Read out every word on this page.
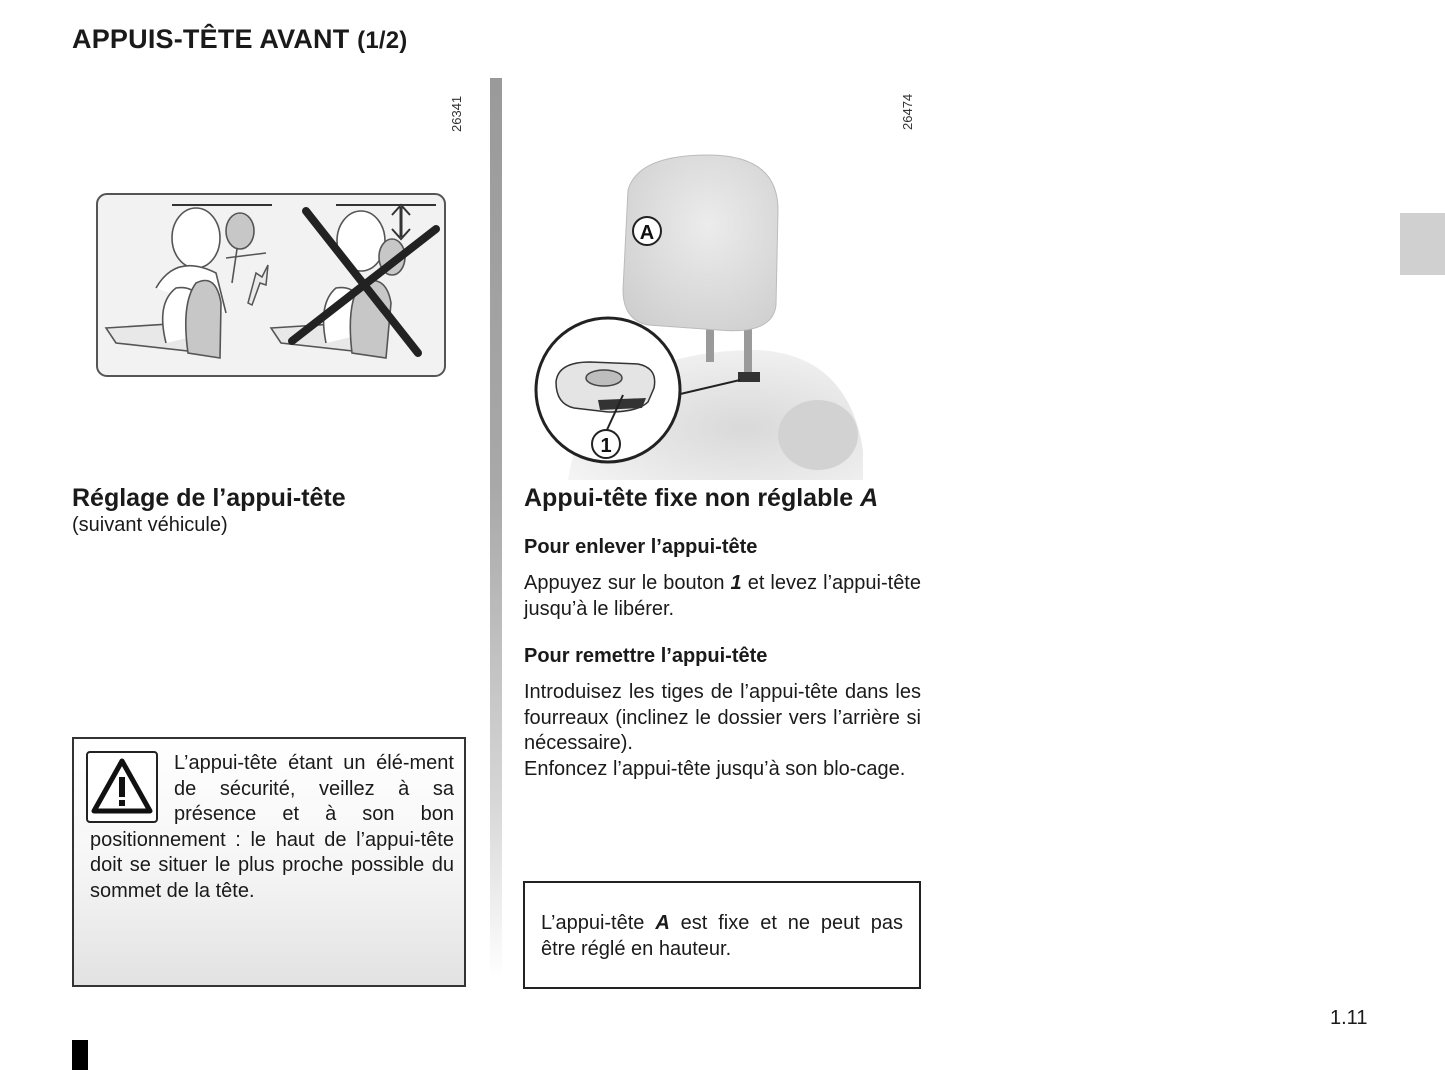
APPUIS-TÊTE AVANT (1/2)
26341	26474
A
1
Réglage de l’appui-tête
(suivant véhicule)
L’appui-tête étant un élé-ment de sécurité, veillez à sa présence et à son bon positionnement : le haut de l’appui-tête doit se situer le plus proche possible du sommet de la tête.
Appui-tête fixe non réglable A
Pour enlever l’appui-tête
Appuyez sur le bouton 1 et levez l’appui-tête jusqu’à le libérer.
Pour remettre l’appui-tête
Introduisez les tiges de l’appui-tête dans les fourreaux (inclinez le dossier vers l’arrière si nécessaire).
Enfoncez l’appui-tête jusqu’à son blo-cage.
L’appui-tête A est fixe et ne peut pas être réglé en hauteur.
1.11
